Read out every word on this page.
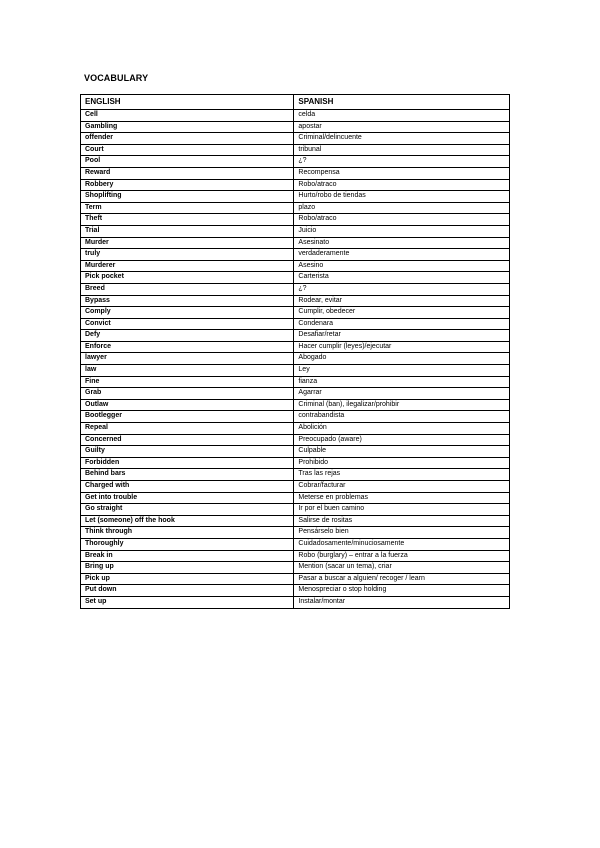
VOCABULARY
ENGLISH	SPANISH
Cell	celda
Gambling	apostar
offender	Criminal/delincuente
Court	tribunal
Pool	¿?
Reward	Recompensa
Robbery	Robo/atraco
Shoplifting	Hurto/robo de tiendas
Term	plazo
Theft	Robo/atraco
Trial	Juicio
Murder	Asesinato
truly	verdaderamente
Murderer	Asesino
Pick pocket	Carterista
Breed	¿?
Bypass	Rodear, evitar
Comply	Cumplir, obedecer
Convict	Condenara
Defy	Desafiar/retar
Enforce	Hacer cumplir (leyes)/ejecutar
lawyer	Abogado
law	Ley
Fine	fianza
Grab	Agarrar
Outlaw	Criminal (ban), ilegalizar/prohibir
Bootlegger	contrabandista
Repeal	Abolición
Concerned	Preocupado (aware)
Guilty	Culpable
Forbidden	Prohibido
Behind bars	Tras las rejas
Charged with	Cobrar/facturar
Get into trouble	Meterse en problemas
Go straight	Ir por el buen camino
Let (someone) off the hook	Salirse de rositas
Think through	Pensárselo bien
Thoroughly	Cuidadosamente/minuciosamente
Break in	Robo (burglary) – entrar a la fuerza
Bring up	Mention (sacar un tema), criar
Pick up	Pasar a buscar a alguien/ recoger / learn
Put down	Menospreciar o stop holding
Set up	Instalar/montar
